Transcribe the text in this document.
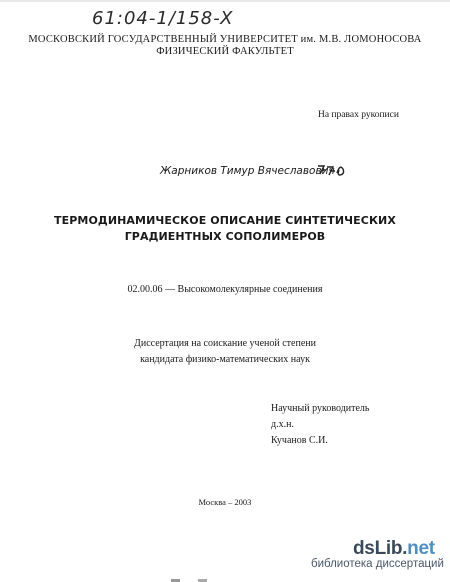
61:04-1/158-X
МОСКОВСКИЙ ГОСУДАРСТВЕННЫЙ УНИВЕРСИТЕТ им. М.В. ЛОМОНОСОВА
ФИЗИЧЕСКИЙ ФАКУЛЬТЕТ
На правах рукописи
Жарников Тимур Вячеславович
ТЕРМОДИНАМИЧЕСКОЕ ОПИСАНИЕ СИНТЕТИЧЕСКИХ
ГРАДИЕНТНЫХ СОПОЛИМЕРОВ
02.00.06 — Высокомолекулярные соединения
Диссертация на соискание ученой степени
кандидата физико-математических наук
Научный руководитель
д.х.н.
Кучанов С.И.
Москва – 2003
dsLib.net
библиотека диссертаций
